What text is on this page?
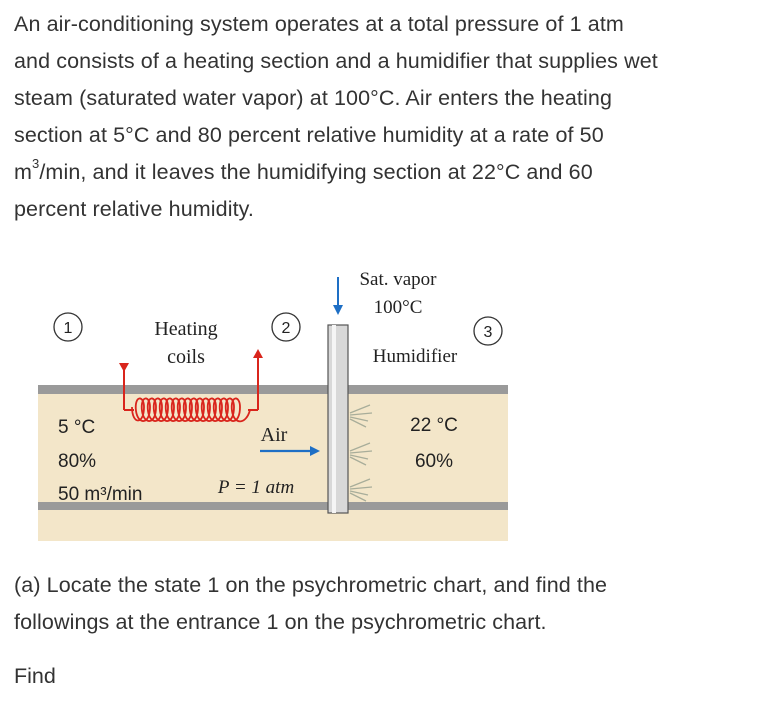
An air-conditioning system operates at a total pressure of 1 atm
and consists of a heating section and a humidifier that supplies wet
steam (saturated water vapor) at 100°C. Air enters the heating
section at 5°C and 80 percent relative humidity at a rate of 50
$m^3/\min$, and it leaves the humidifying section at 22°C and 60
percent relative humidity.
1	2	3
Heating
coils
Sat. vapor
100°C
Humidifier
5 °C
80%
50 m³/min
Air
P = 1 atm
22 °C
60%
(a) Locate the state 1 on the psychrometric chart, and find the
followings at the entrance 1 on the psychrometric chart.
Find
